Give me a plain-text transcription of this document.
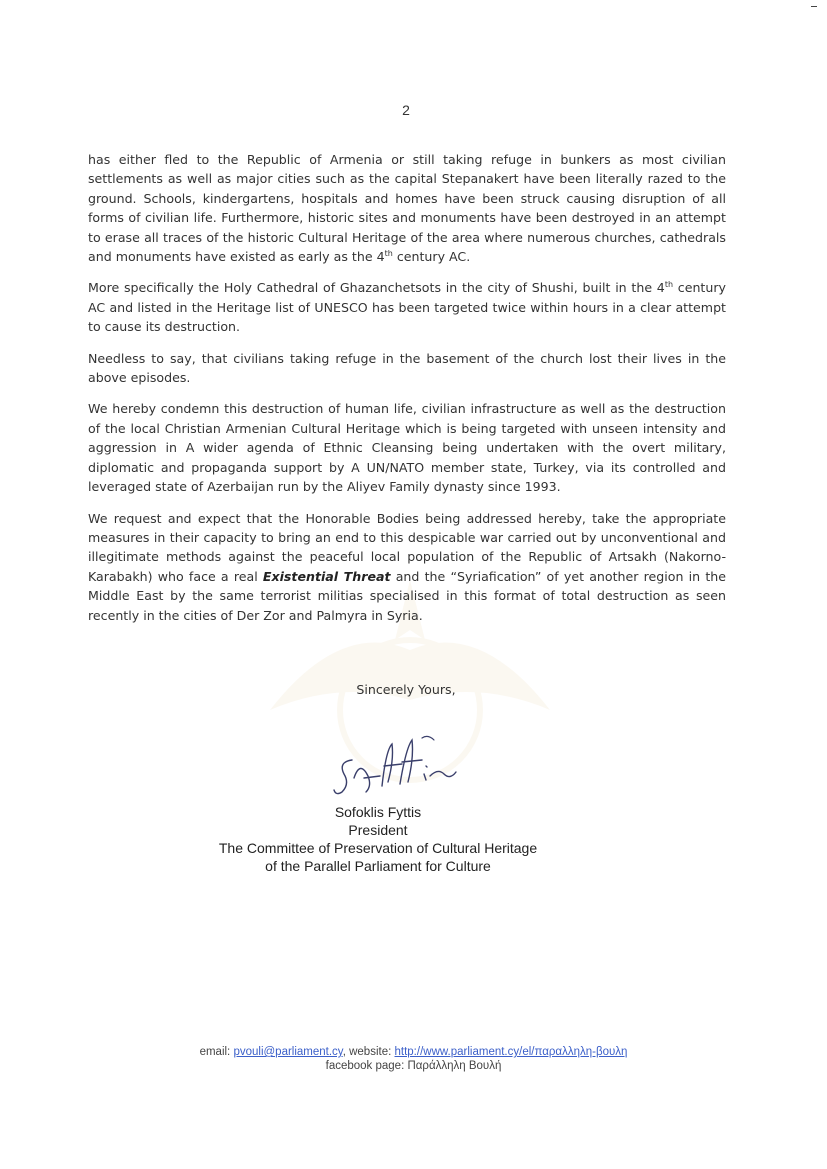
2

has either fled to the Republic of Armenia or still taking refuge in bunkers as most civilian settlements as well as major cities such as the capital Stepanakert have been literally razed to the ground. Schools, kindergartens, hospitals and homes have been struck causing disruption of all forms of civilian life. Furthermore, historic sites and monuments have been destroyed in an attempt to erase all traces of the historic Cultural Heritage of the area where numerous churches, cathedrals and monuments have existed as early as the 4th century AC.

More specifically the Holy Cathedral of Ghazanchetsots in the city of Shushi, built in the 4th century AC and listed in the Heritage list of UNESCO has been targeted twice within hours in a clear attempt to cause its destruction.

Needless to say, that civilians taking refuge in the basement of the church lost their lives in the above episodes.

We hereby condemn this destruction of human life, civilian infrastructure as well as the destruction of the local Christian Armenian Cultural Heritage which is being targeted with unseen intensity and aggression in A wider agenda of Ethnic Cleansing being undertaken with the overt military, diplomatic and propaganda support by A UN/NATO member state, Turkey, via its controlled and leveraged state of Azerbaijan run by the Aliyev Family dynasty since 1993.

We request and expect that the Honorable Bodies being addressed hereby, take the appropriate measures in their capacity to bring an end to this despicable war carried out by unconventional and illegitimate methods against the peaceful local population of the Republic of Artsakh (Nakorno-Karabakh) who face a real Existential Threat and the “Syriafication” of yet another region in the Middle East by the same terrorist militias specialised in this format of total destruction as seen recently in the cities of Der Zor and Palmyra in Syria.

Sincerely Yours,
Sofoklis Fyttis
President
The Committee of Preservation of Cultural Heritage
of the Parallel Parliament for Culture
email: pvouli@parliament.cy, website: http://www.parliament.cy/el/παραλληλη-βουλη
facebook page: Παράλληλη Βουλή
